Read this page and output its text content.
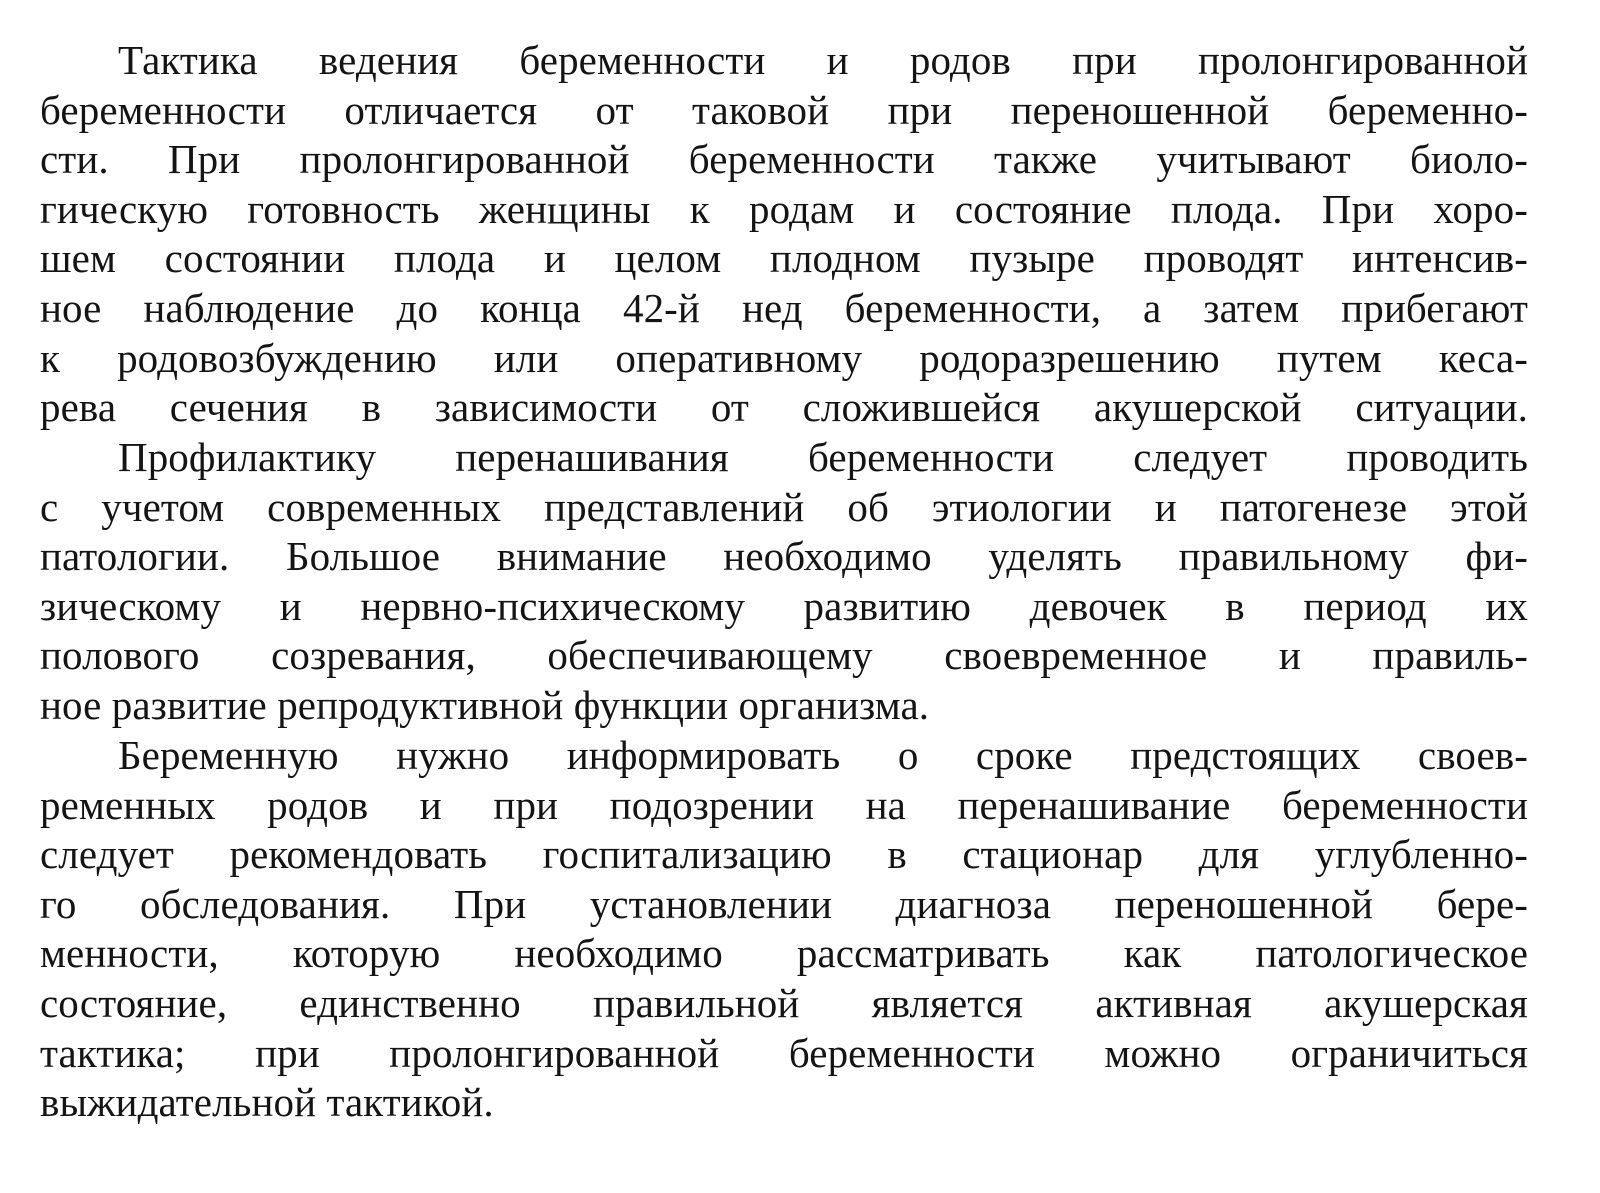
Тактика ведения беременности и родов при пролонгированной
беременности отличается от таковой при переношенной беременно-
сти. При пролонгированной беременности также учитывают биоло-
гическую готовность женщины к родам и состояние плода. При хоро-
шем состоянии плода и целом плодном пузыре проводят интенсив-
ное наблюдение до конца 42-й нед беременности, а затем прибегают
к родовозбуждению или оперативному родоразрешению путем кеса-
рева сечения в зависимости от сложившейся акушерской ситуации.
Профилактику перенашивания беременности следует проводить
с учетом современных представлений об этиологии и патогенезе этой
патологии. Большое внимание необходимо уделять правильному фи-
зическому и нервно-психическому развитию девочек в период их
полового созревания, обеспечивающему своевременное и правиль-
ное развитие репродуктивной функции организма.
Беременную нужно информировать о сроке предстоящих своев-
ременных родов и при подозрении на перенашивание беременности
следует рекомендовать госпитализацию в стационар для углубленно-
го обследования. При установлении диагноза переношенной бере-
менности, которую необходимо рассматривать как патологическое
состояние, единственно правильной является активная акушерская
тактика; при пролонгированной беременности можно ограничиться
выжидательной тактикой.
